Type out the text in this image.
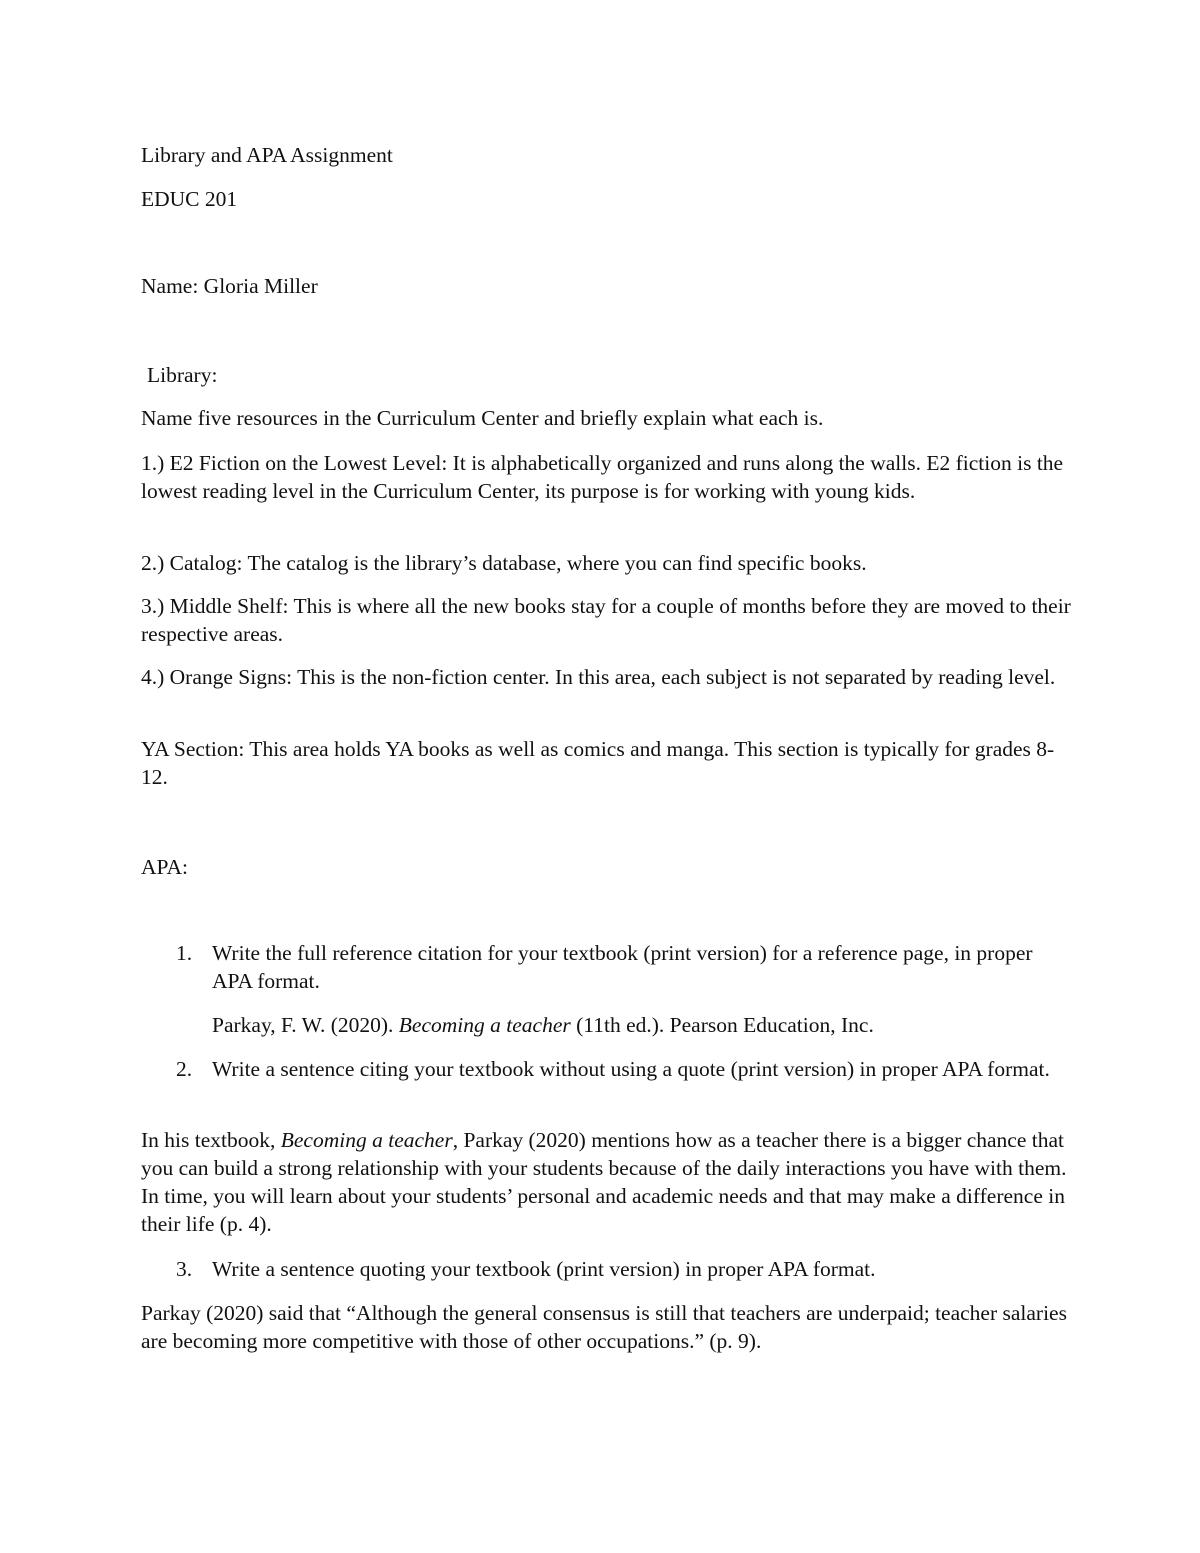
Library and APA Assignment

EDUC 201

Name: Gloria Miller

Library:

Name five resources in the Curriculum Center and briefly explain what each is.

1.) E2 Fiction on the Lowest Level: It is alphabetically organized and runs along the walls. E2 fiction is the lowest reading level in the Curriculum Center, its purpose is for working with young kids.

2.) Catalog: The catalog is the library’s database, where you can find specific books.

3.) Middle Shelf: This is where all the new books stay for a couple of months before they are moved to their respective areas.

4.) Orange Signs: This is the non-fiction center. In this area, each subject is not separated by reading level.

YA Section: This area holds YA books as well as comics and manga. This section is typically for grades 8-12.

APA:

1. Write the full reference citation for your textbook (print version) for a reference page, in proper APA format.

Parkay, F. W. (2020). Becoming a teacher (11th ed.). Pearson Education, Inc.

2. Write a sentence citing your textbook without using a quote (print version) in proper APA format.

In his textbook, Becoming a teacher, Parkay (2020) mentions how as a teacher there is a bigger chance that you can build a strong relationship with your students because of the daily interactions you have with them. In time, you will learn about your students’ personal and academic needs and that may make a difference in their life (p. 4).

3. Write a sentence quoting your textbook (print version) in proper APA format.

Parkay (2020) said that “Although the general consensus is still that teachers are underpaid; teacher salaries are becoming more competitive with those of other occupations.” (p. 9).
